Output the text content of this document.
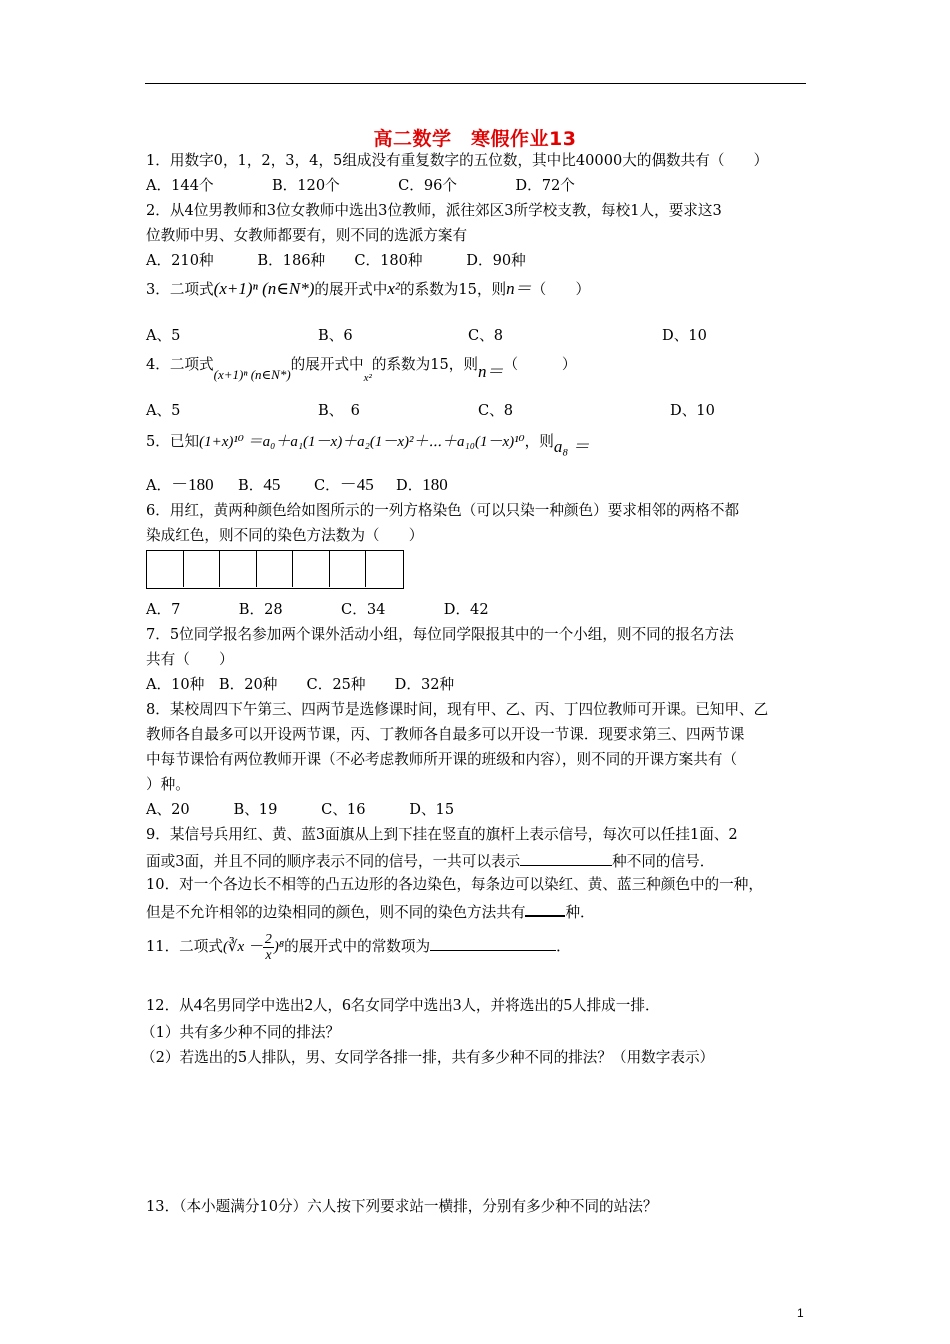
高二数学　寒假作业13
1．用数字0，1，2，3，4，5组成没有重复数字的五位数，其中比40000大的偶数共有（　　）
A．144个　　　　B．120个　　　　C．96个　　　　D．72个
2．从4位男教师和3位女教师中选出3位教师，派往郊区3所学校支教，每校1人，要求这3
位教师中男、女教师都要有，则不同的选派方案有
A．210种　　　B．186种　　C．180种　　　D．90种
3．二项式(x+1)ⁿ (n∈N*)的展开式中x²的系数为15，则n＝（　　）
A、5	B、6	C、8	D、10
4．二项式(x+1)ⁿ (n∈N*)的展开式中$_{x^2}$的系数为15，则n＝（　　　）
A、5	B、　6	C、8	D、10
5．已知(1+x)¹⁰ ＝a₀＋a₁(1－x)＋a₂(1－x)²＋⋯＋a₁₀(1－x)¹⁰，则a₈ ＝
A．－180 B．45 C．－45 D．180
6．用红，黄两种颜色给如图所示的一列方格染色（可以只染一种颜色）要求相邻的两格不都
染成红色，则不同的染色方法数为（　　）
A．7　　　　B．28　　　　C．34　　　　D．42
7．5位同学报名参加两个课外活动小组，每位同学限报其中的一个小组，则不同的报名方法
共有（　　）
A．10种　B．20种　　C．25种　　D．32种
8．某校周四下午第三、四两节是选修课时间，现有甲、乙、丙、丁四位教师可开课。已知甲、乙
教师各自最多可以开设两节课，丙、丁教师各自最多可以开设一节课．现要求第三、四两节课
中每节课恰有两位教师开课（不必考虑教师所开课的班级和内容），则不同的开课方案共有（
）种。
A、20　　　B、19　　　C、16　　　D、15
9．某信号兵用红、黄、蓝3面旗从上到下挂在竖直的旗杆上表示信号，每次可以任挂1面、2
面或3面，并且不同的顺序表示不同的信号，一共可以表示	种不同的信号．
10．对一个各边长不相等的凸五边形的各边染色，每条边可以染红、黄、蓝三种颜色中的一种，
但是不允许相邻的边染相同的颜色，则不同的染色方法共有	种．
11．二项式(∛x － $\frac{2}{x} )^8$的展开式中的常数项为	．
12．从4名男同学中选出2人，6名女同学中选出3人，并将选出的5人排成一排．
（1）共有多少种不同的排法？
（2）若选出的5人排队，男、女同学各排一排，共有多少种不同的排法？（用数字表示）
13．（本小题满分10分）六人按下列要求站一横排，分别有多少种不同的站法？
1
